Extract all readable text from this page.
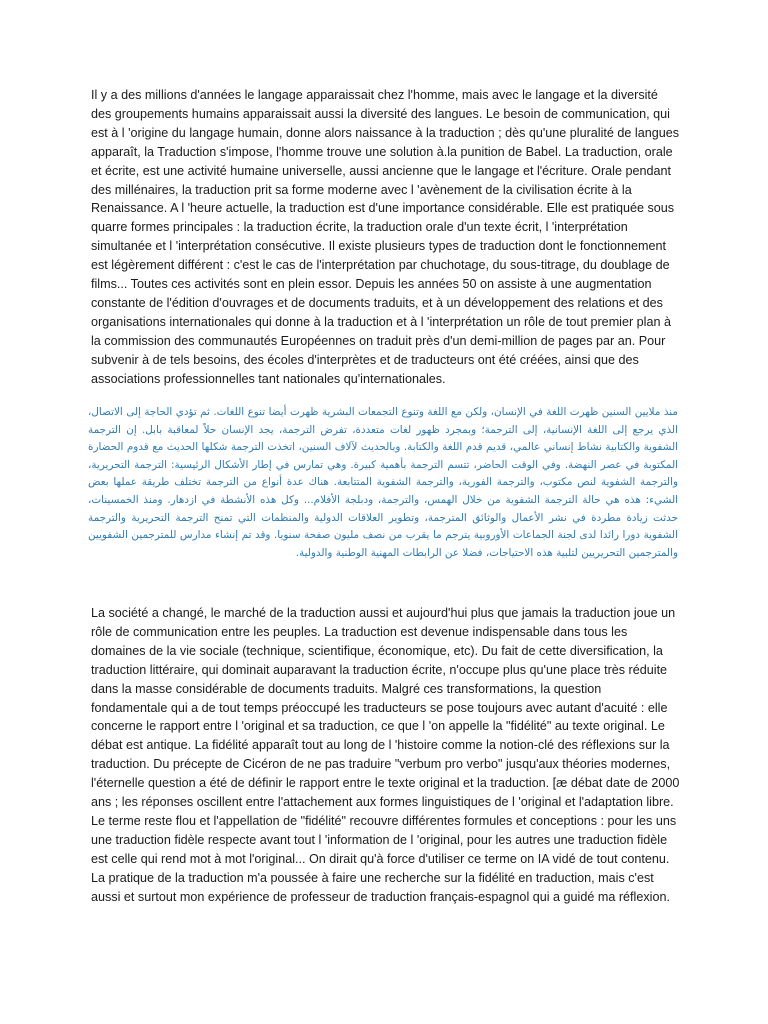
Il y a des millions d'années le langage apparaissait chez l'homme, mais avec le langage et la diversité des groupements humains apparaissait aussi la diversité des langues. Le besoin de communication, qui est à l 'origine du langage humain, donne alors naissance à la traduction ; dès qu'une pluralité de langues apparaît, la Traduction s'impose, l'homme trouve une solution à.la punition de Babel. La traduction, orale et écrite, est une activité humaine universelle, aussi ancienne que le langage et l'écriture. Orale pendant des millénaires, la traduction prit sa forme moderne avec l 'avènement de la civilisation écrite à la Renaissance. A l 'heure actuelle, la traduction est d'une importance considérable. Elle est pratiquée sous quarre formes principales : la traduction écrite, la traduction orale d'un texte écrit, l 'interprétation simultanée et l 'interprétation consécutive. Il existe plusieurs types de traduction dont le fonctionnement est légèrement différent : c'est le cas de l'interprétation par chuchotage, du sous-titrage, du doublage de films... Toutes ces activités sont en plein essor. Depuis les années 50 on assiste à une augmentation constante de l'édition d'ouvrages et de documents traduits, et à un développement des relations et des organisations internationales qui donne à la traduction et à l 'interprétation un rôle de tout premier plan à la commission des communautés Européennes on traduit près d'un demi-million de pages par an. Pour subvenir à de tels besoins, des écoles d'interprètes et de traducteurs ont été créées, ainsi que des associations professionnelles tant nationales qu'internationales.

منذ ملايين السنين ظهرت اللغة في الإنسان، ولكن مع اللغة وتنوع التجمعات البشرية ظهرت أيضا تنوع اللغات. ثم تؤدي الحاجة إلى الاتصال، الذي يرجع إلى اللغة الإنسانية، إلى الترجمة؛ وبمجرد ظهور لغات متعددة، تفرض الترجمة، يجد الإنسان حلاً لمعاقبة بابل. إن الترجمة الشفوية والكتابية نشاط إنساني عالمي، قديم قدم اللغة والكتابة. وبالحديث لآلاف السنين، اتخذت الترجمة شكلها الحديث مع قدوم الحضارة المكتوبة في عصر النهضة. وفي الوقت الحاضر، تتسم الترجمة بأهمية كبيرة. وهي تمارس في إطار الأشكال الرئيسية: الترجمة التحريرية، والترجمة الشفوية لنص مكتوب، والترجمة الفورية، والترجمة الشفوية المتتابعة. هناك عدة أنواع من الترجمة تختلف طريقة عملها بعض الشيء: هذه هي حالة الترجمة الشفوية من خلال الهمس، والترجمة، ودبلجة الأفلام... وكل هذه الأنشطة في ازدهار. ومنذ الخمسينات، حدثت زيادة مطردة في نشر الأعمال والوثائق المترجمة، وتطوير العلاقات الدولية والمنظمات التي تمنح الترجمة التحريرية والترجمة الشفوية دورا رائدا لدى لجنة الجماعات الأوروبية يترجم ما يقرب من نصف مليون صفحة سنويا. وقد تم إنشاء مدارس للمترجمين الشفويين والمترجمين التحريريين لتلبية هذه الاحتياجات، فضلا عن الرابطات المهنية الوطنية والدولية.

La société a changé, le marché de la traduction aussi et aujourd'hui plus que jamais la traduction joue un rôle de communication entre les peuples. La traduction est devenue indispensable dans tous les domaines de la vie sociale (technique, scientifique, économique, etc). Du fait de cette diversification, la traduction littéraire, qui dominait auparavant la traduction écrite, n'occupe plus qu'une place très réduite dans la masse considérable de documents traduits. Malgré ces transformations, la question fondamentale qui a de tout temps préoccupé les traducteurs se pose toujours avec autant d'acuité : elle concerne le rapport entre l 'original et sa traduction, ce que l 'on appelle la "fidélité" au texte original. Le débat est antique. La fidélité apparaît tout au long de l 'histoire comme la notion-clé des réflexions sur la traduction. Du précepte de Cicéron de ne pas traduire "verbum pro verbo" jusqu'aux théories modernes, l'éternelle question a été de définir le rapport entre le texte original et la traduction. [æ débat date de 2000 ans ; les réponses oscillent entre l'attachement aux formes linguistiques de l 'original et l'adaptation libre. Le terme reste flou et l'appellation de "fidélité" recouvre différentes formules et conceptions : pour les uns une traduction fidèle respecte avant tout l 'information de l 'original, pour les autres une traduction fidèle est celle qui rend mot à mot l'original... On dirait qu'à force d'utiliser ce terme on IA vidé de tout contenu. La pratique de la traduction m'a poussée à faire une recherche sur la fidélité en traduction, mais c'est aussi et surtout mon expérience de professeur de traduction français-espagnol qui a guidé ma réflexion.
